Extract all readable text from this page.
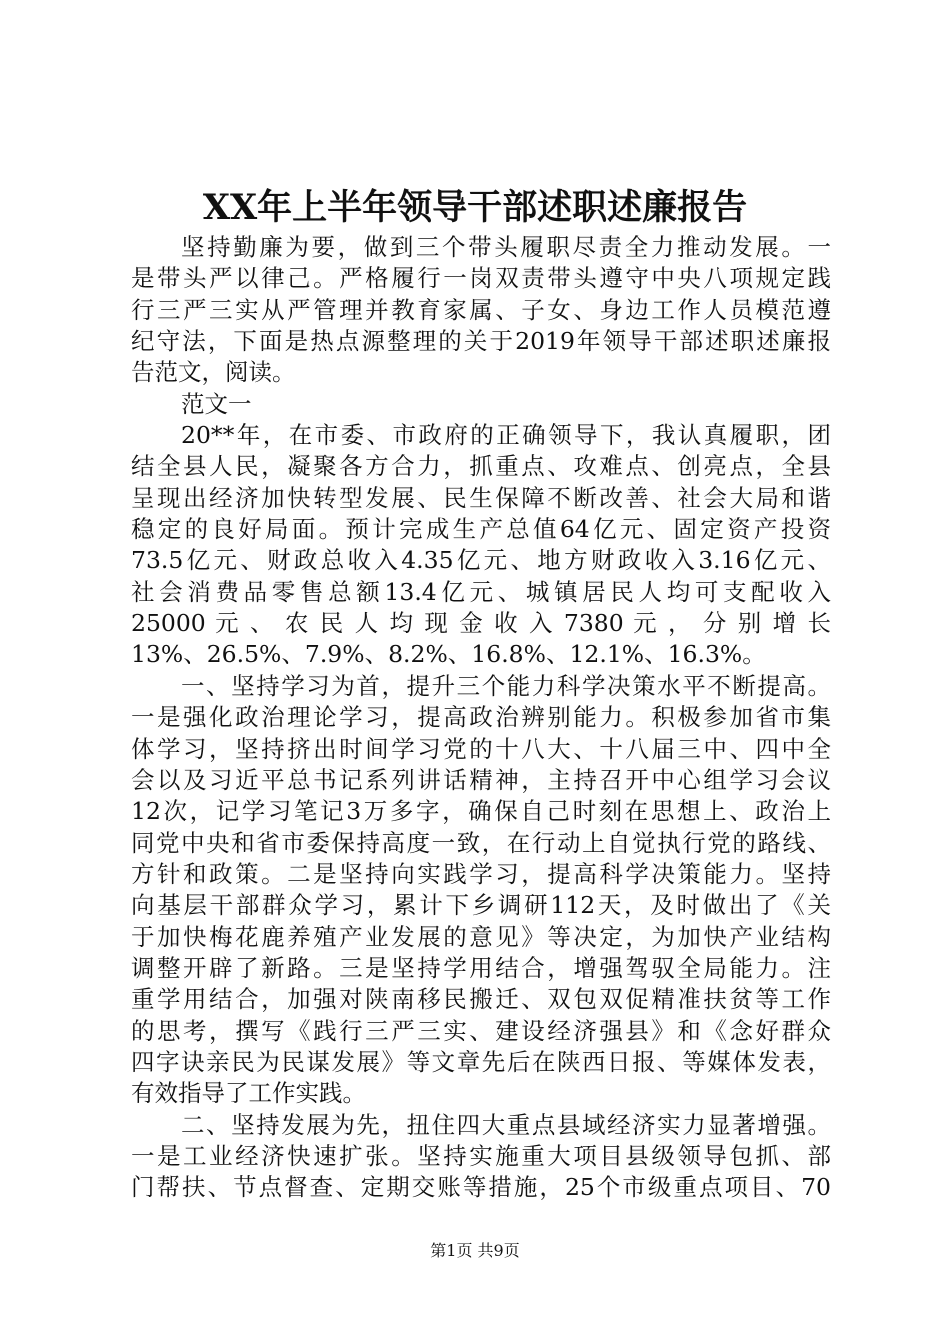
XX年上半年领导干部述职述廉报告
坚持勤廉为要，做到三个带头履职尽责全力推动发展。一
是带头严以律己。严格履行一岗双责带头遵守中央八项规定践
行三严三实从严管理并教育家属、子女、身边工作人员模范遵
纪守法，下面是热点源整理的关于2019年领导干部述职述廉报
告范文，阅读。
范文一
20**年，在市委、市政府的正确领导下，我认真履职，团
结全县人民，凝聚各方合力，抓重点、攻难点、创亮点，全县
呈现出经济加快转型发展、民生保障不断改善、社会大局和谐
稳定的良好局面。预计完成生产总值64亿元、固定资产投资
73.5亿元、财政总收入4.35亿元、地方财政收入3.16亿元、
社会消费品零售总额13.4亿元、城镇居民人均可支配收入
25000 元 、 农 民 人 均 现 金 收 入 7380 元 ， 分 别 增 长
13%、26.5%、7.9%、8.2%、16.8%、12.1%、16.3%。
一、坚持学习为首，提升三个能力科学决策水平不断提高。
一是强化政治理论学习，提高政治辨别能力。积极参加省市集
体学习，坚持挤出时间学习党的十八大、十八届三中、四中全
会以及习近平总书记系列讲话精神，主持召开中心组学习会议
12次，记学习笔记3万多字，确保自己时刻在思想上、政治上
同党中央和省市委保持高度一致，在行动上自觉执行党的路线、
方针和政策。二是坚持向实践学习，提高科学决策能力。坚持
向基层干部群众学习，累计下乡调研112天，及时做出了《关
于加快梅花鹿养殖产业发展的意见》等决定，为加快产业结构
调整开辟了新路。三是坚持学用结合，增强驾驭全局能力。注
重学用结合，加强对陕南移民搬迁、双包双促精准扶贫等工作
的思考，撰写《践行三严三实、建设经济强县》和《念好群众
四字诀亲民为民谋发展》等文章先后在陕西日报、等媒体发表，
有效指导了工作实践。
二、坚持发展为先，扭住四大重点县域经济实力显著增强。
一是工业经济快速扩张。坚持实施重大项目县级领导包抓、部
门帮扶、节点督查、定期交账等措施，25个市级重点项目、70
第1页 共9页
